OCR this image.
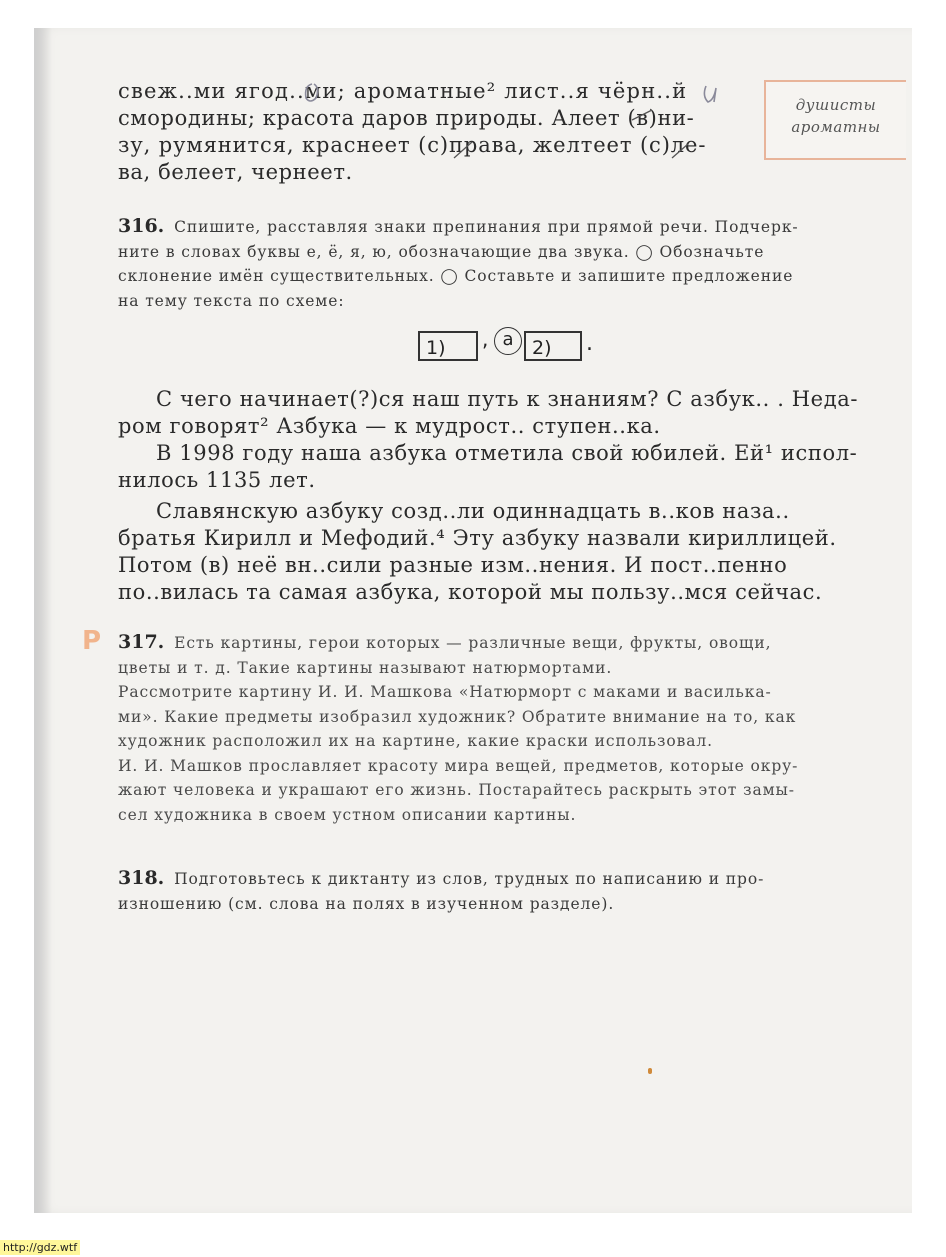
свеж..ми ягод..ми; ароматные² лист..я чёрн..й
смородины; красота даров природы. Алеет (в)ни-
зу, румянится, краснеет (с)права, желтеет (с)ле-
ва, белеет, чернеет.
душисты
ароматны
316. Спишите, расставляя знаки препинания при прямой речи. Подчерк-
ните в словах буквы е, ё, я, ю, обозначающие два звука. ◯ Обозначьте
склонение имён существительных. ◯ Составьте и запишите предложение
на тему текста по схеме:
1)	, а 2)	.
С чего начинает(?)ся наш путь к знаниям? С азбук.. . Неда-
ром говорят² Азбука — к мудрост.. ступен..ка.
В 1998 году наша азбука отметила свой юбилей. Ей¹ испол-
нилось 1135 лет.
Славянскую азбуку созд..ли одиннадцать в..ков наза..
братья Кирилл и Мефодий.⁴ Эту азбуку назвали кириллицей.
Потом (в) неё вн..сили разные изм..нения. И пост..пенно
по..вилась та самая азбука, которой мы пользу..мся сейчас.
Р 317. Есть картины, герои которых — различные вещи, фрукты, овощи,
цветы и т. д. Такие картины называют натюрмортами.
Рассмотрите картину И. И. Машкова «Натюрморт с маками и василька-
ми». Какие предметы изобразил художник? Обратите внимание на то, как
художник расположил их на картине, какие краски использовал.
И. И. Машков прославляет красоту мира вещей, предметов, которые окру-
жают человека и украшают его жизнь. Постарайтесь раскрыть этот замы-
сел художника в своем устном описании картины.
318. Подготовьтесь к диктанту из слов, трудных по написанию и про-
изношению (см. слова на полях в изученном разделе).
http://gdz.wtf
